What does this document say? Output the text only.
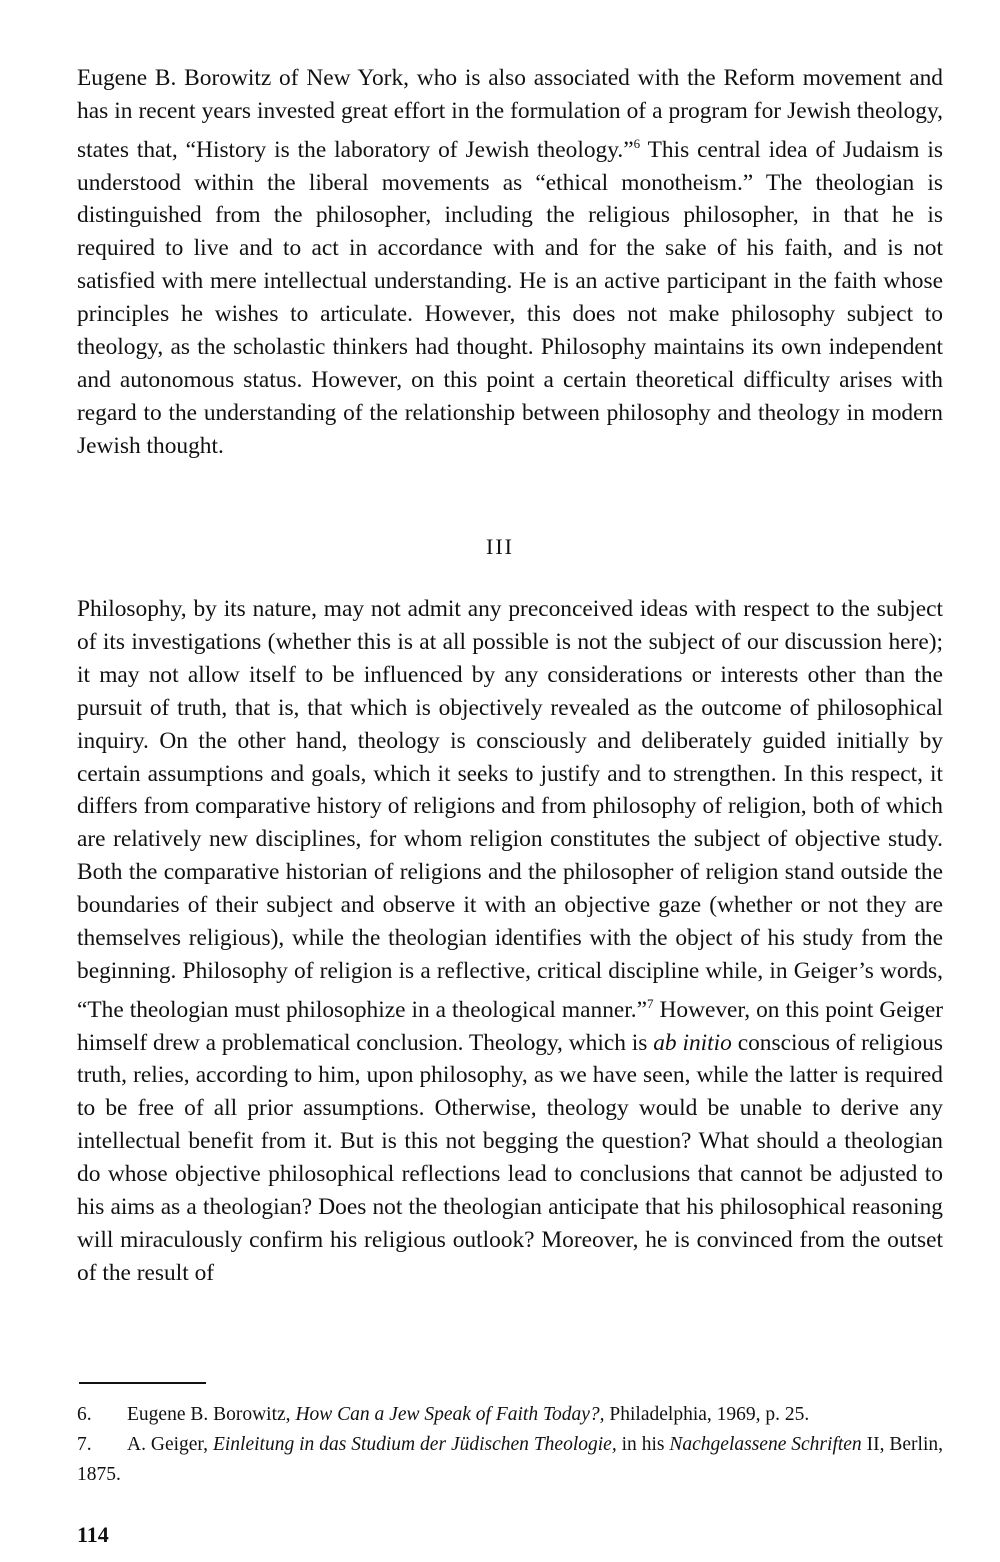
Eugene B. Borowitz of New York, who is also associated with the Reform movement and has in recent years invested great effort in the formulation of a program for Jewish theology, states that, “History is the laboratory of Jewish theology.”$^6$ This central idea of Judaism is understood within the liberal movements as “ethical monotheism.” The theologian is distinguished from the philosopher, including the religious philosopher, in that he is required to live and to act in accordance with and for the sake of his faith, and is not satisfied with mere intellectual understanding. He is an active participant in the faith whose principles he wishes to articulate. However, this does not make philosophy subject to theology, as the scholastic thinkers had thought. Philosophy maintains its own independent and autonomous status. However, on this point a certain theoretical difficulty arises with regard to the understanding of the relationship between philosophy and theology in modern Jewish thought.

III

Philosophy, by its nature, may not admit any preconceived ideas with respect to the subject of its investigations (whether this is at all possible is not the subject of our discussion here); it may not allow itself to be influenced by any considerations or interests other than the pursuit of truth, that is, that which is objectively revealed as the outcome of philosophical inquiry. On the other hand, theology is consciously and deliberately guided initially by certain assumptions and goals, which it seeks to justify and to strengthen. In this respect, it differs from comparative history of religions and from philosophy of religion, both of which are relatively new disciplines, for whom religion constitutes the subject of objective study. Both the comparative historian of religions and the philosopher of religion stand outside the boundaries of their subject and observe it with an objective gaze (whether or not they are themselves religious), while the theologian identifies with the object of his study from the beginning. Philosophy of religion is a reflective, critical discipline while, in Geiger’s words, “The theologian must philosophize in a theological manner.”$^7$ However, on this point Geiger himself drew a problematical conclusion. Theology, which is ab initio conscious of religious truth, relies, according to him, upon philosophy, as we have seen, while the latter is required to be free of all prior assumptions. Otherwise, theology would be unable to derive any intellectual benefit from it. But is this not begging the question? What should a theologian do whose objective philosophical reflections lead to conclusions that cannot be adjusted to his aims as a theologian? Does not the theologian anticipate that his philosophical reasoning will miraculously confirm his religious outlook? Moreover, he is convinced from the outset of the result of

6. Eugene B. Borowitz, How Can a Jew Speak of Faith Today?, Philadelphia, 1969, p. 25.
7. A. Geiger, Einleitung in das Studium der Jüdischen Theologie, in his Nachgelassene Schriften II, Berlin, 1875.
114
